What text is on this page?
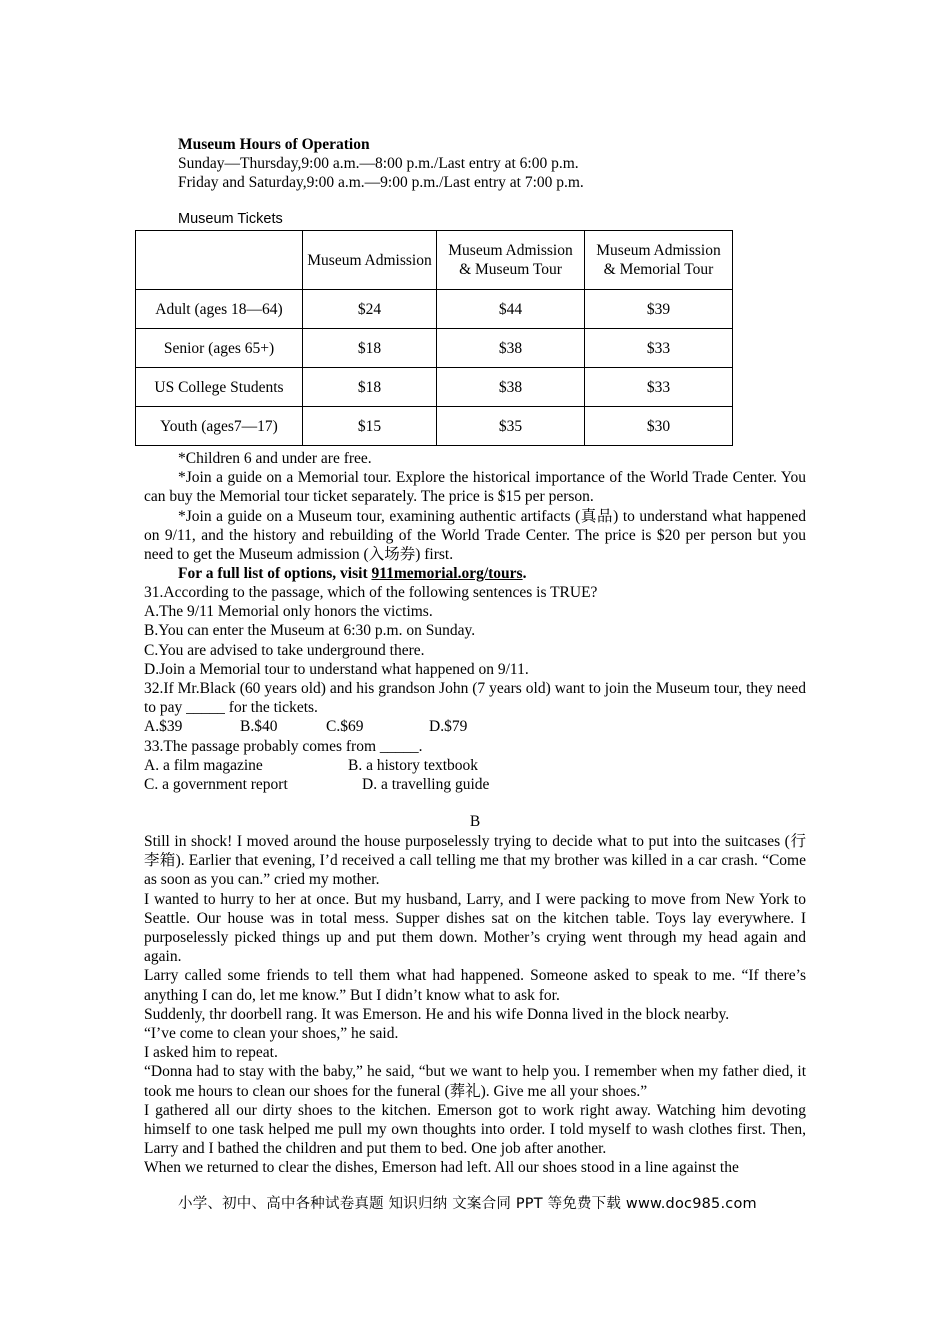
Museum Hours of Operation
Sunday—Thursday,9:00 a.m.—8:00 p.m./Last entry at 6:00 p.m.
Friday and Saturday,9:00 a.m.—9:00 p.m./Last entry at 7:00 p.m.
Museum Tickets
	Museum Admission	Museum Admission & Museum Tour	Museum Admission & Memorial Tour
Adult (ages 18—64)	$24	$44	$39
Senior (ages 65+)	$18	$38	$33
US College Students	$18	$38	$33
Youth (ages7—17)	$15	$35	$30
*Children 6 and under are free.
*Join a guide on a Memorial tour. Explore the historical importance of the World Trade Center. You can buy the Memorial tour ticket separately. The price is $15 per person.
*Join a guide on a Museum tour, examining authentic artifacts (真品) to understand what happened on 9/11, and the history and rebuilding of the World Trade Center. The price is $20 per person but you need to get the Museum admission (入场券) first.
For a full list of options, visit 911memorial.org/tours.
31.According to the passage, which of the following sentences is TRUE?
A.The 9/11 Memorial only honors the victims.
B.You can enter the Museum at 6:30 p.m. on Sunday.
C.You are advised to take underground there.
D.Join a Memorial tour to understand what happened on 9/11.
32.If Mr.Black (60 years old) and his grandson John (7 years old) want to join the Museum tour, they need to pay _____ for the tickets.
A.$39	B.$40	C.$69	D.$79
33.The passage probably comes from _____.
A. a film magazine	B. a history textbook
C. a government report	D. a travelling guide
B
Still in shock! I moved around the house purposelessly trying to decide what to put into the suitcases (行李箱). Earlier that evening, I’d received a call telling me that my brother was killed in a car crash. “Come as soon as you can.” cried my mother.
I wanted to hurry to her at once. But my husband, Larry, and I were packing to move from New York to Seattle. Our house was in total mess. Supper dishes sat on the kitchen table. Toys lay everywhere. I purposelessly picked things up and put them down. Mother’s crying went through my head again and again.
Larry called some friends to tell them what had happened. Someone asked to speak to me. “If there’s anything I can do, let me know.” But I didn’t know what to ask for.
Suddenly, thr doorbell rang. It was Emerson. He and his wife Donna lived in the block nearby.
“I’ve come to clean your shoes,” he said.
I asked him to repeat.
“Donna had to stay with the baby,” he said, “but we want to help you. I remember when my father died, it took me hours to clean our shoes for the funeral (葬礼). Give me all your shoes.”
I gathered all our dirty shoes to the kitchen. Emerson got to work right away. Watching him devoting himself to one task helped me pull my own thoughts into order. I told myself to wash clothes first. Then, Larry and I bathed the children and put them to bed. One job after another.
When we returned to clear the dishes, Emerson had left. All our shoes stood in a line against the
小学、初中、高中各种试卷真题 知识归纳 文案合同 PPT 等免费下载 www.doc985.com
